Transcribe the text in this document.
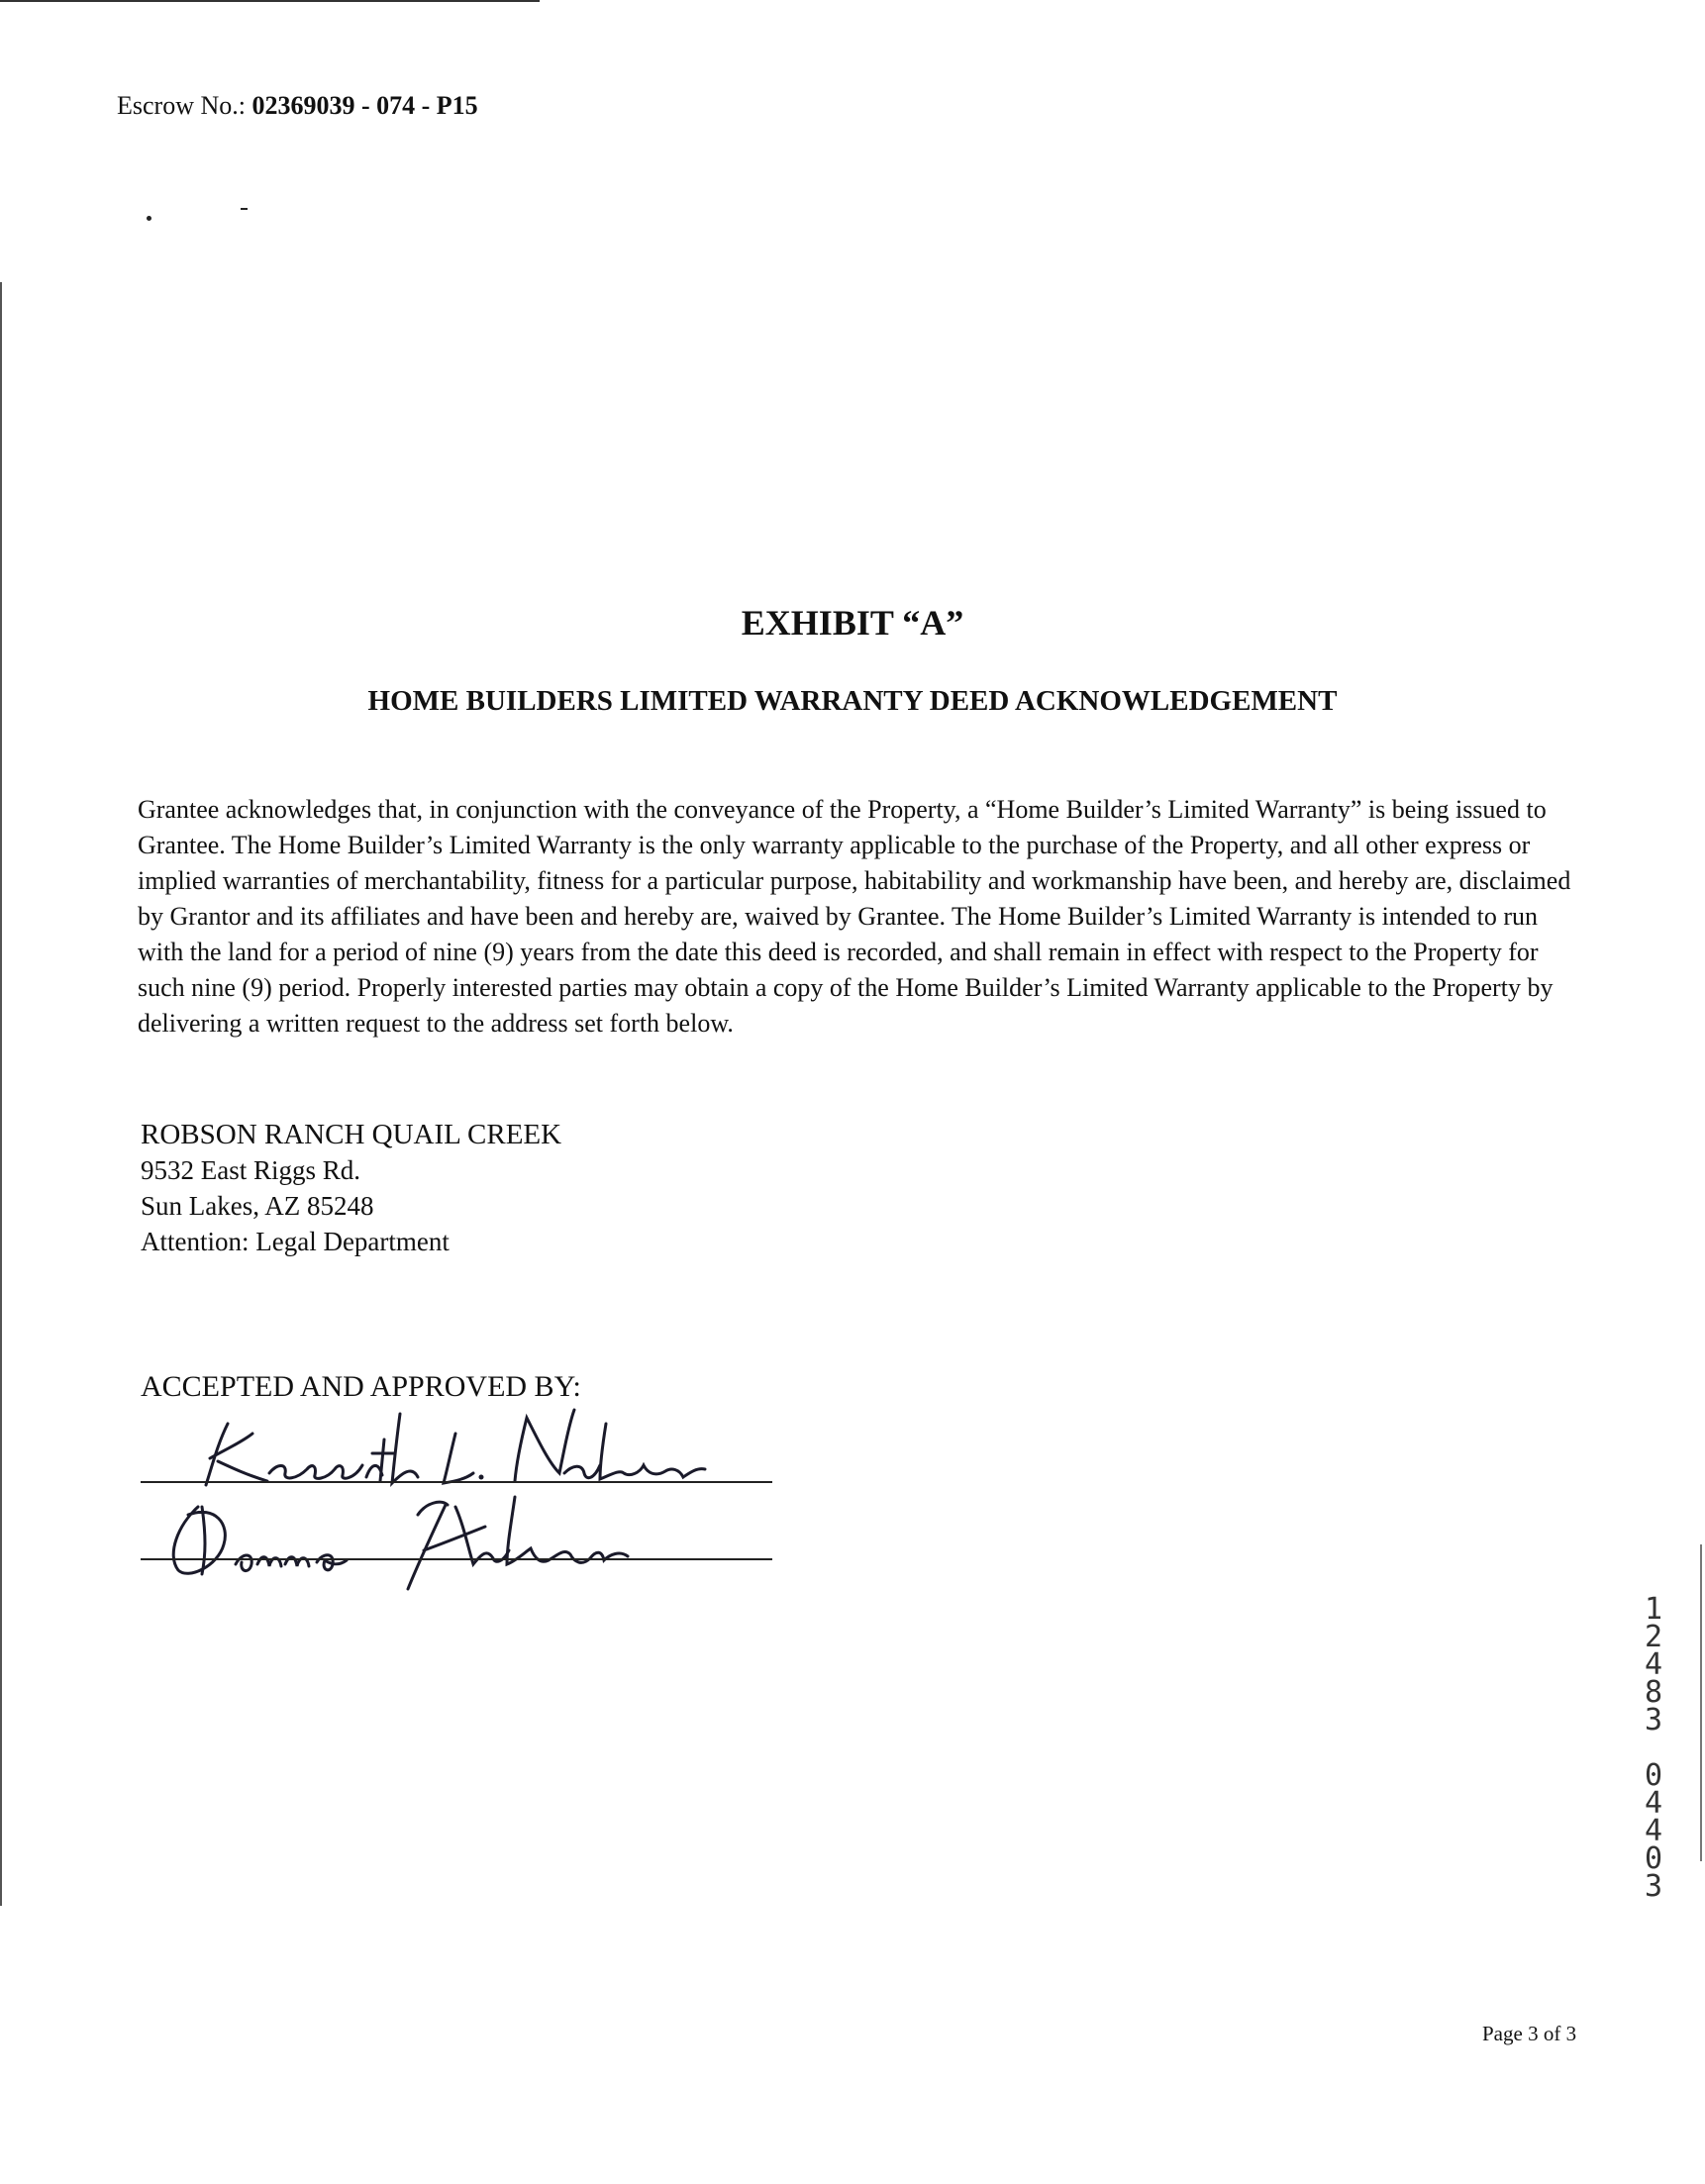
Escrow No.: 02369039 - 074 - P15
EXHIBIT “A”
HOME BUILDERS LIMITED WARRANTY DEED ACKNOWLEDGEMENT

Grantee acknowledges that, in conjunction with the conveyance of the Property, a “Home Builder’s Limited Warranty” is being issued to Grantee. The Home Builder’s Limited Warranty is the only warranty applicable to the purchase of the Property, and all other express or implied warranties of merchantability, fitness for a particular purpose, habitability and workmanship have been, and hereby are, disclaimed by Grantor and its affiliates and have been and hereby are, waived by Grantee. The Home Builder’s Limited Warranty is intended to run with the land for a period of nine (9) years from the date this deed is recorded, and shall remain in effect with respect to the Property for such nine (9) period. Properly interested parties may obtain a copy of the Home Builder’s Limited Warranty applicable to the Property by delivering a written request to the address set forth below.

ROBSON RANCH QUAIL CREEK
9532 East Riggs Rd.
Sun Lakes, AZ 85248
Attention: Legal Department
ACCEPTED AND APPROVED BY:
1
2
4
8
3
0
4
4
0
3
Page 3 of 3
